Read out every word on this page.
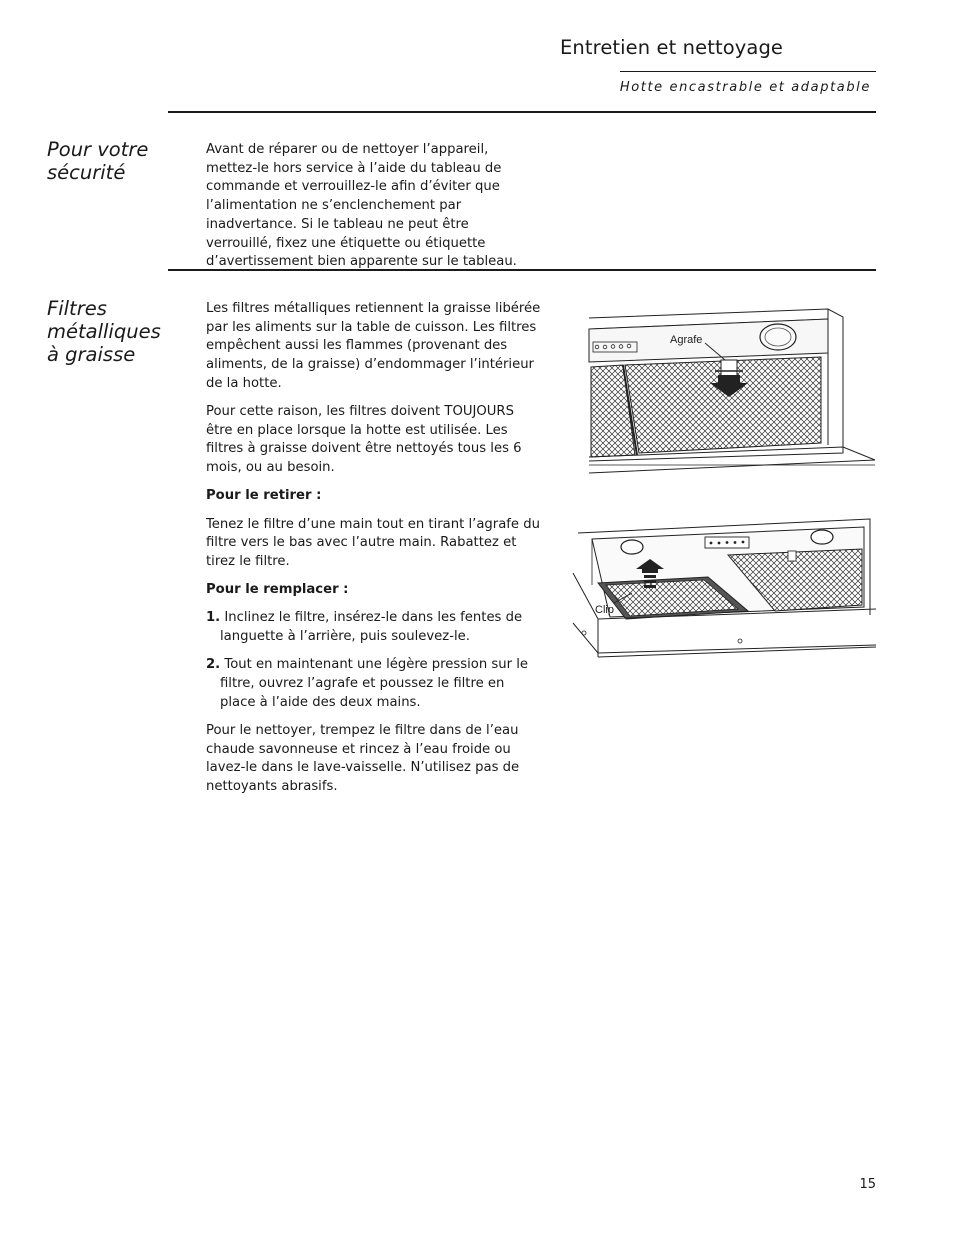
Entretien et nettoyage
Hotte encastrable et adaptable
Pour votre
sécurité

Avant de réparer ou de nettoyer l’appareil, mettez-le hors service à l’aide du tableau de commande et verrouillez-le afin d’éviter que l’alimentation ne s’enclenchement par inadvertance. Si le tableau ne peut être verrouillé, fixez une étiquette ou étiquette d’avertissement bien apparente sur le tableau.

Filtres
métalliques
à graisse

Les filtres métalliques retiennent la graisse libérée par les aliments sur la table de cuisson. Les filtres empêchent aussi les flammes (provenant des aliments, de la graisse) d’endommager l’intérieur de la hotte.

Pour cette raison, les filtres doivent TOUJOURS être en place lorsque la hotte est utilisée. Les filtres à graisse doivent être nettoyés tous les 6 mois, ou au besoin.

Pour le retirer :

Tenez le filtre d’une main tout en tirant l’agrafe du filtre vers le bas avec l’autre main. Rabattez et tirez le filtre.

Pour le remplacer :

1. Inclinez le filtre, insérez-le dans les fentes de languette à l’arrière, puis soulevez-le.
2. Tout en maintenant une légère pression sur le filtre, ouvrez l’agrafe et poussez le filtre en place à l’aide des deux mains.

Pour le nettoyer, trempez le filtre dans de l’eau chaude savonneuse et rincez à l’eau froide ou lavez-le dans le lave-vaisselle. N’utilisez pas de nettoyants abrasifs.

Agrafe
Clip
15
